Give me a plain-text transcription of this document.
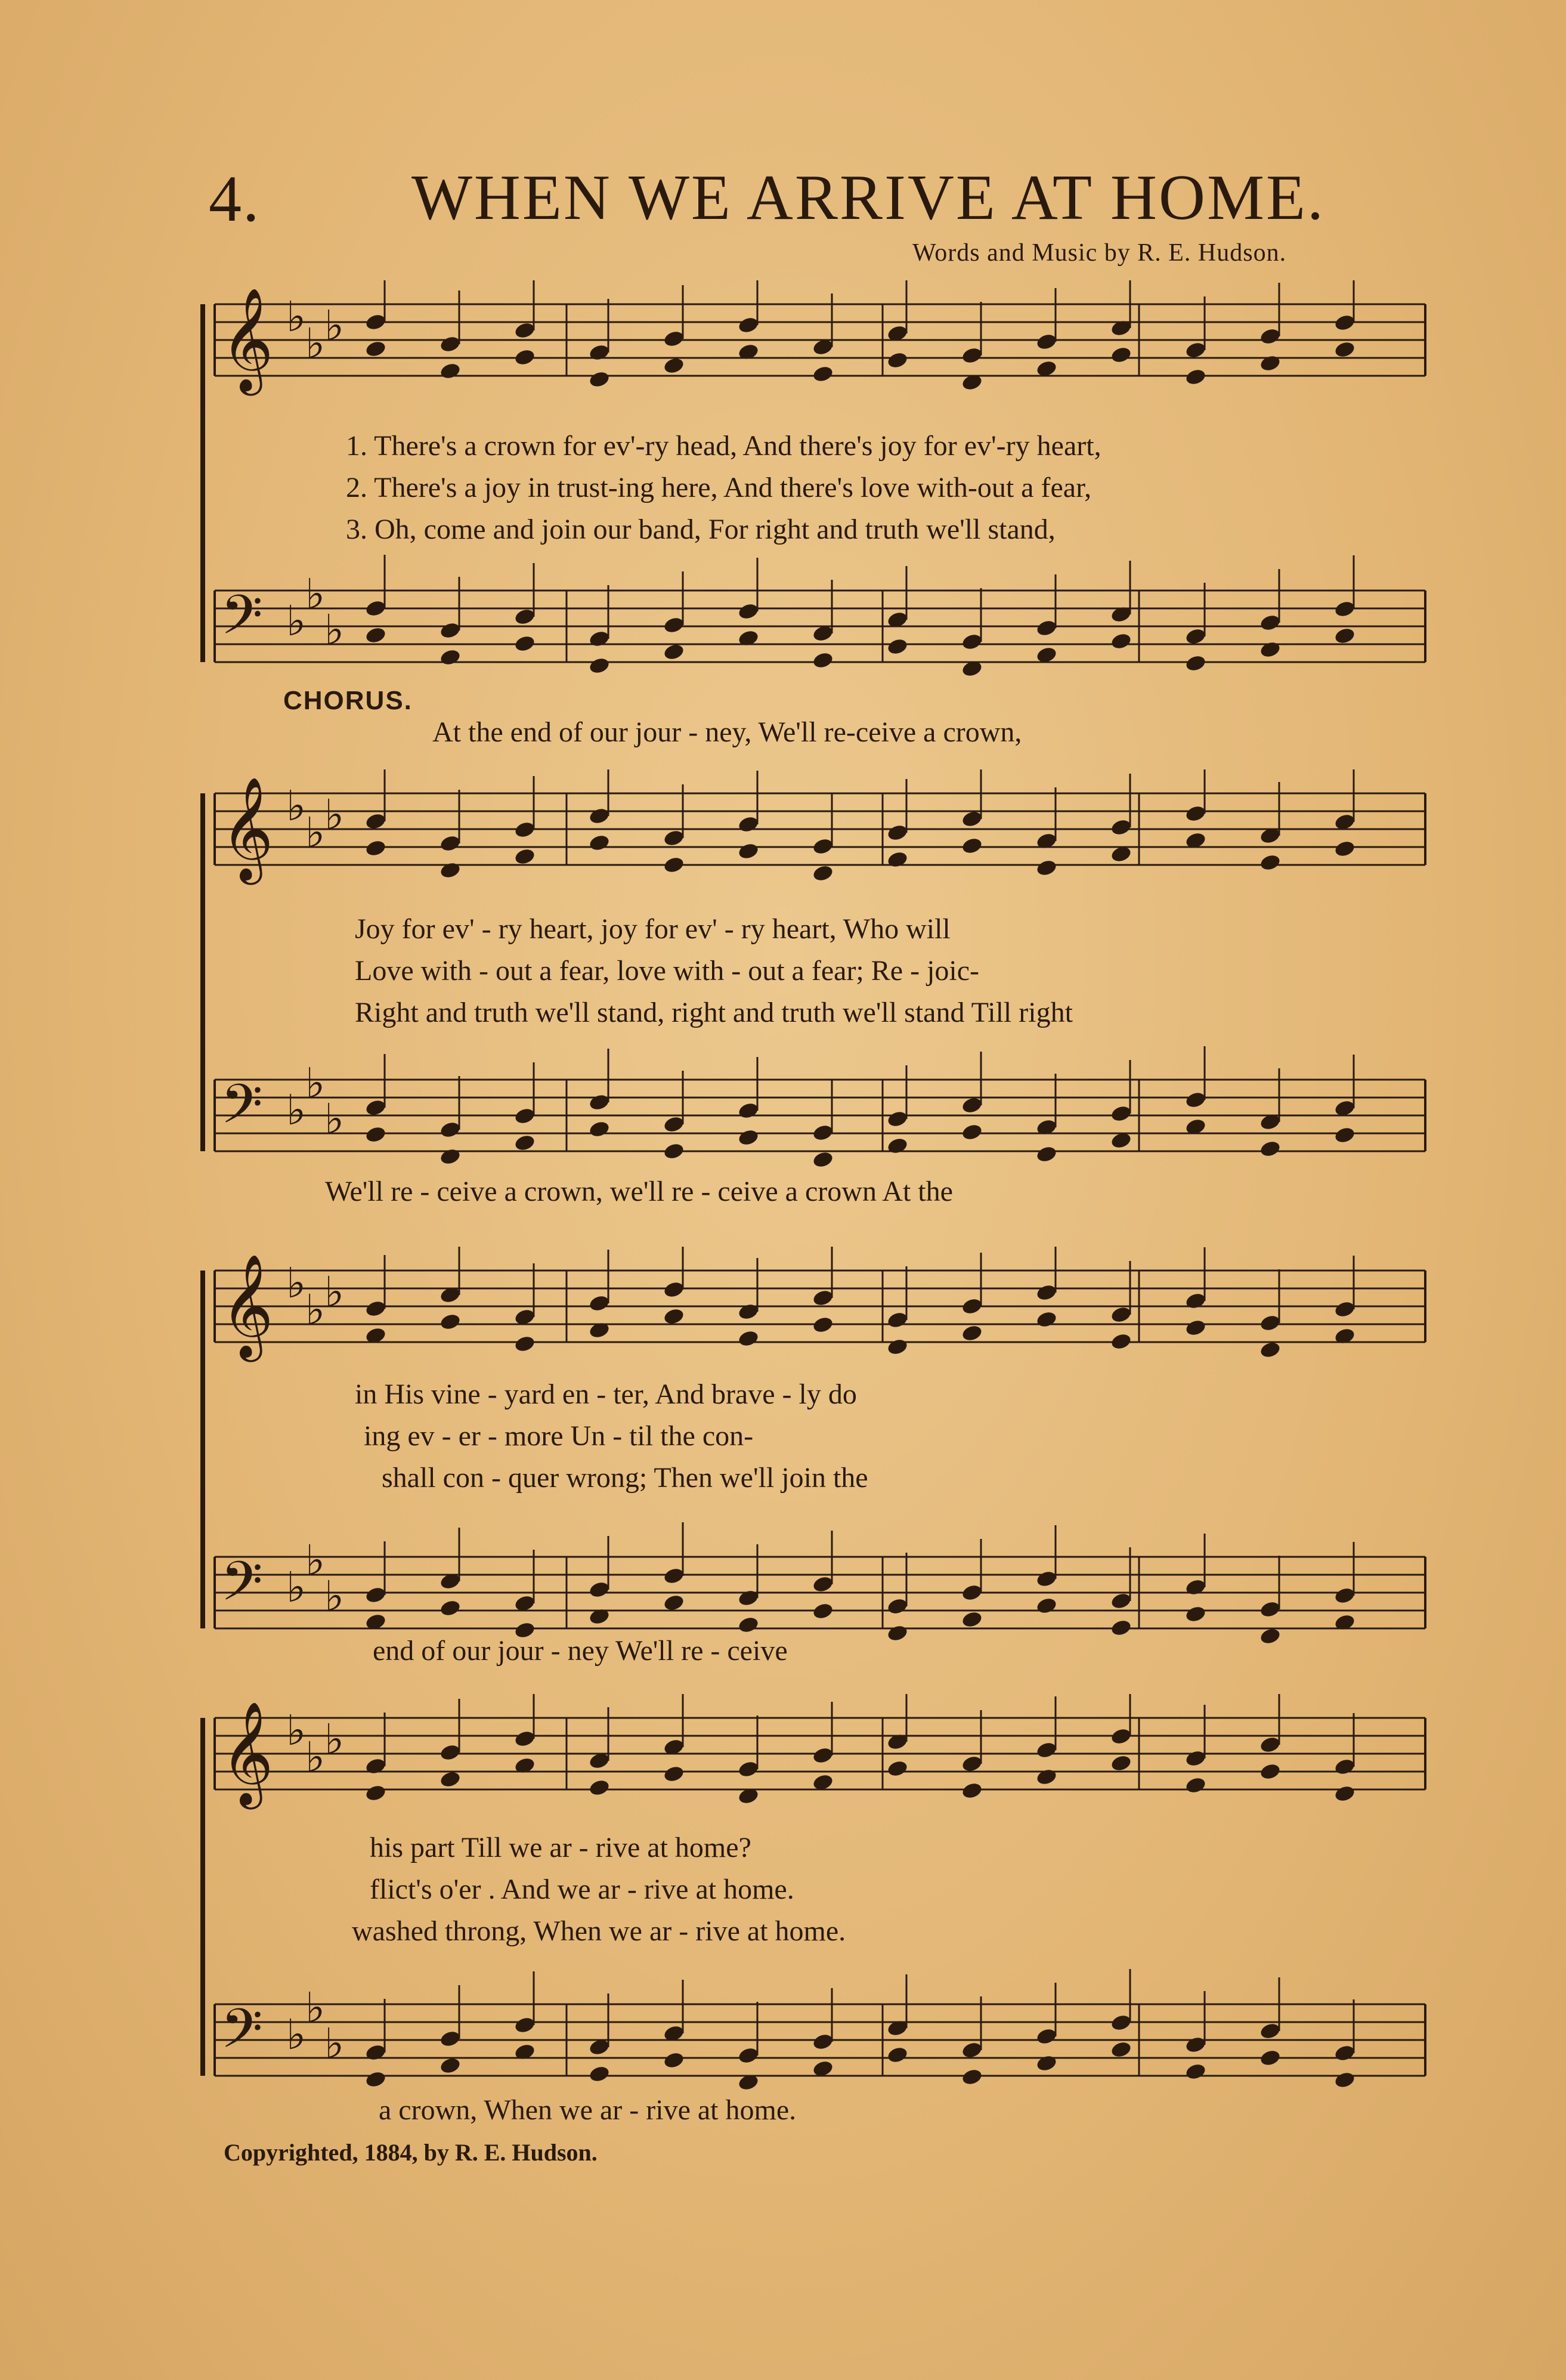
4. WHEN WE ARRIVE AT HOME.
Words and Music by R. E. Hudson.
𝄞 ♭
♭
♭
𝄢 ♭
♭
♭
1. There's a crown for ev'-ry head, And there's joy for ev'-ry heart,
2. There's a joy in trust-ing here, And there's love with-out a fear,
3. Oh, come and join our band, For right and truth we'll stand,
CHORUS.
At the end of our jour - ney, We'll re-ceive a crown,
𝄞 ♭
♭
♭
𝄢 ♭
♭
♭
Joy for ev' - ry heart, joy for ev' - ry heart, Who will
Love with - out a fear, love with - out a fear; Re - joic-
Right and truth we'll stand, right and truth we'll stand Till right
We'll re - ceive a crown, we'll re - ceive a crown At the
𝄞 ♭
♭
♭
𝄢 ♭
♭
♭
in His vine - yard en - ter, And brave - ly do
ing ev - er - more Un - til the con-
shall con - quer wrong; Then we'll join the
end of our jour - ney We'll re - ceive
𝄞 ♭
♭
♭
𝄢 ♭
♭
♭
his part Till we ar - rive at home?
flict's o'er . And we ar - rive at home.
washed throng, When we ar - rive at home.
a crown, When we ar - rive at home.
Copyrighted, 1884, by R. E. Hudson.
